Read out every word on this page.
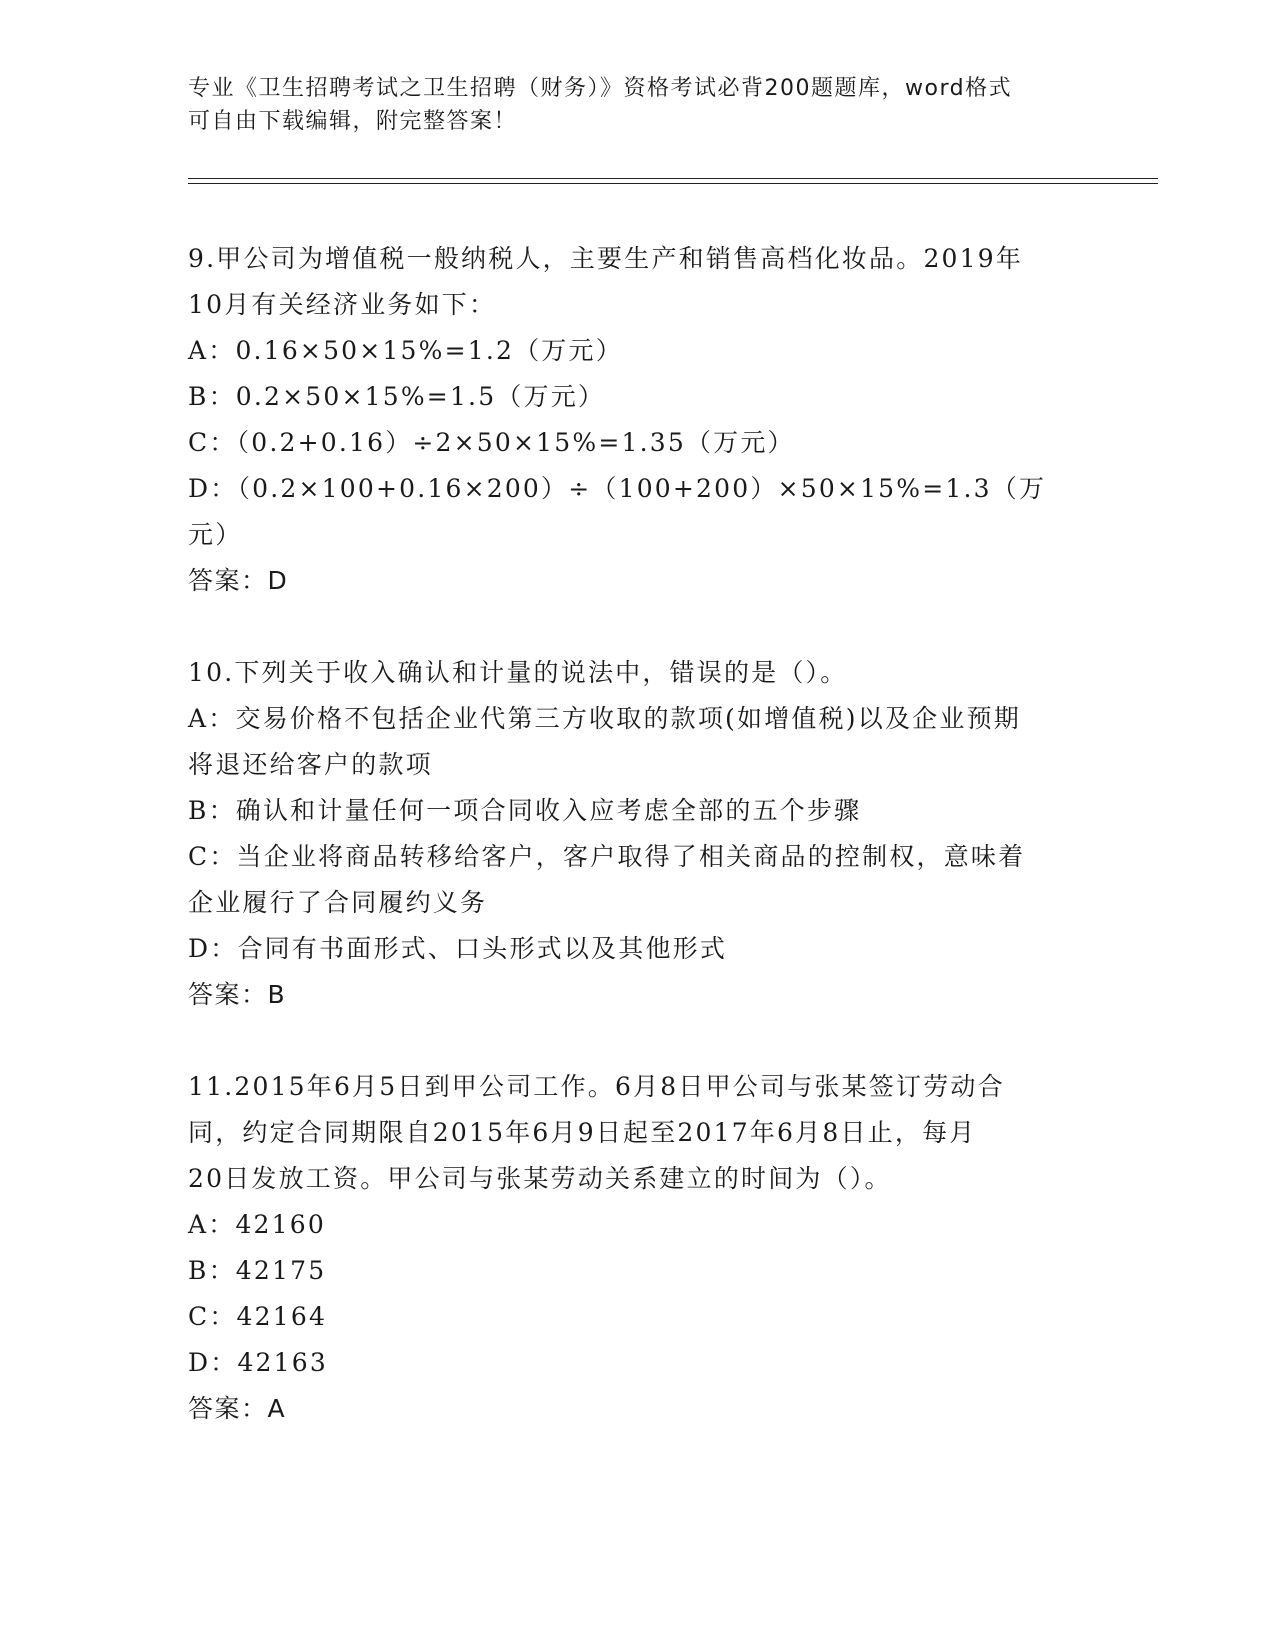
专业《卫生招聘考试之卫生招聘（财务）》资格考试必背200题题库，word格式
可自由下载编辑，附完整答案！
9.甲公司为增值税一般纳税人，主要生产和销售高档化妆品。2019年
10月有关经济业务如下：
A：0.16×50×15%=1.2（万元）
B：0.2×50×15%=1.5（万元）
C：（0.2+0.16）÷2×50×15%=1.35（万元）
D：（0.2×100+0.16×200）÷（100+200）×50×15%=1.3（万元）
答案：D
10.下列关于收入确认和计量的说法中，错误的是（）。
A：交易价格不包括企业代第三方收取的款项(如增值税)以及企业预期
将退还给客户的款项
B：确认和计量任何一项合同收入应考虑全部的五个步骤
C：当企业将商品转移给客户，客户取得了相关商品的控制权，意味着
企业履行了合同履约义务
D：合同有书面形式、口头形式以及其他形式
答案：B
11.2015年6月5日到甲公司工作。6月8日甲公司与张某签订劳动合
同，约定合同期限自2015年6月9日起至2017年6月8日止，每月
20日发放工资。甲公司与张某劳动关系建立的时间为（）。
A：42160
B：42175
C：42164
D：42163
答案：A
